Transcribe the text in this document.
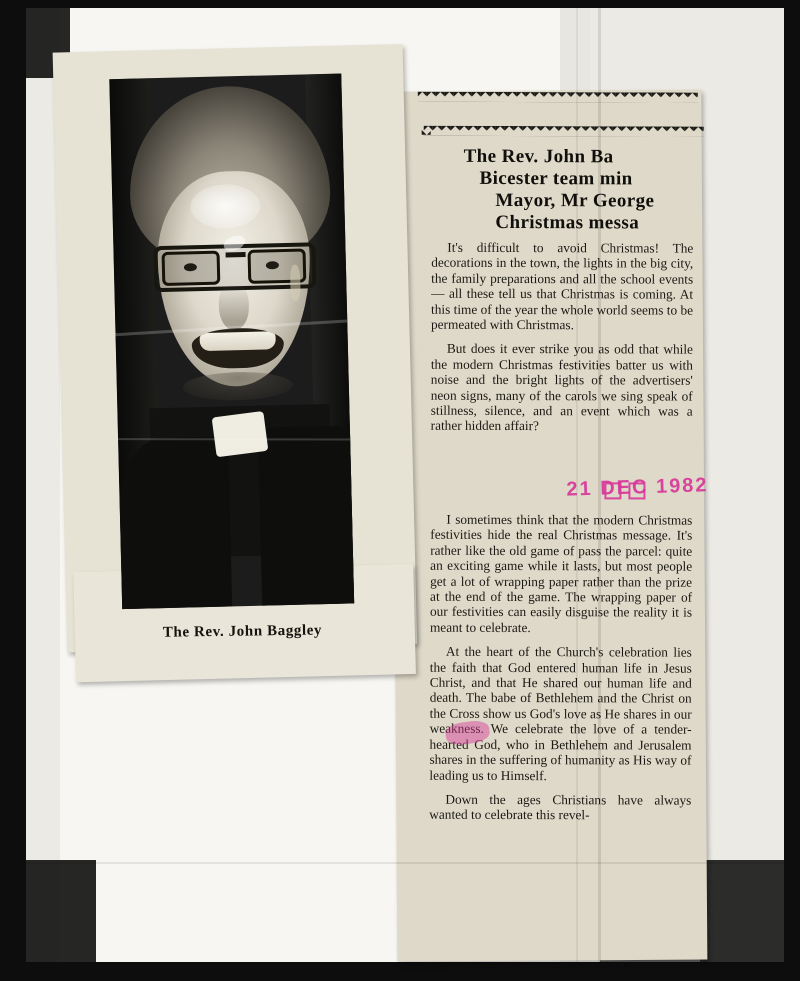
The Rev. John Baggley
The Rev. John Ba
Bicester team min
Mayor, Mr George
Christmas messa

It's difficult to avoid Christmas! The decorations in the town, the lights in the big city, the family preparations and all the school events — all these tell us that Christmas is coming. At this time of the year the whole world seems to be permeated with Christmas.

But does it ever strike you as odd that while the modern Christmas festivities batter us with noise and the bright lights of the advertisers' neon signs, many of the carols we sing speak of stillness, silence, and an event which was a rather hidden affair?

21 DEC 1982

I sometimes think that the modern Christmas festivities hide the real Christmas message. It's rather like the old game of pass the parcel: quite an exciting game while it lasts, but most people get a lot of wrapping paper rather than the prize at the end of the game. The wrapping paper of our festivities can easily disguise the reality it is meant to celebrate.

At the heart of the Church's celebration lies the faith that God entered human life in Jesus Christ, and that He shared our human life and death. The babe of Bethlehem and the Christ on the Cross show us God's love as He shares in our weakness. We celebrate the love of a tender-hearted God, who in Bethlehem and Jerusalem shares in the suffering of humanity as His way of leading us to Himself.

Down the ages Christians have always wanted to celebrate this revel-
